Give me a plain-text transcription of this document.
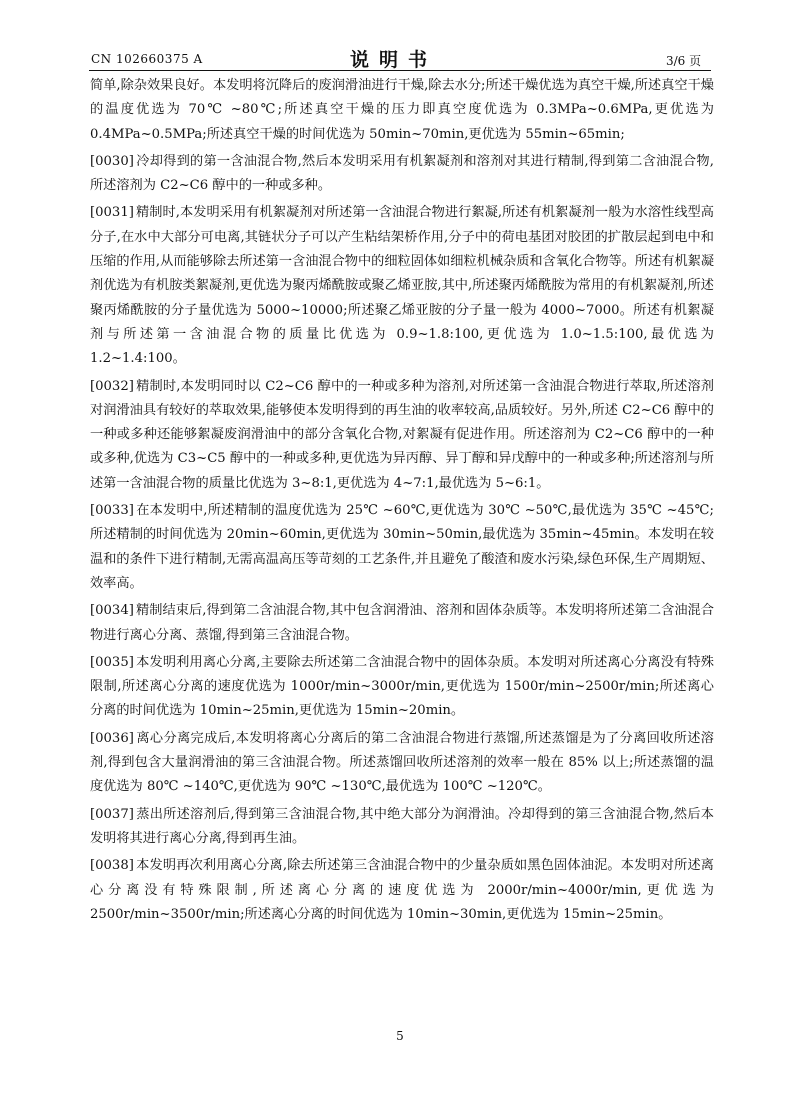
CN 102660375 A	说明书	3/6 页

简单,除杂效果良好。本发明将沉降后的废润滑油进行干燥,除去水分;所述干燥优选为真空干燥,所述真空干燥的温度优选为 70℃ ~80℃;所述真空干燥的压力即真空度优选为 0.3MPa~0.6MPa,更优选为 0.4MPa~0.5MPa;所述真空干燥的时间优选为 50min~70min,更优选为 55min~65min;

[0030] 冷却得到的第一含油混合物,然后本发明采用有机絮凝剂和溶剂对其进行精制,得到第二含油混合物,所述溶剂为 C2~C6 醇中的一种或多种。

[0031] 精制时,本发明采用有机絮凝剂对所述第一含油混合物进行絮凝,所述有机絮凝剂一般为水溶性线型高分子,在水中大部分可电离,其链状分子可以产生粘结架桥作用,分子中的荷电基团对胶团的扩散层起到电中和压缩的作用,从而能够除去所述第一含油混合物中的细粒固体如细粒机械杂质和含氧化合物等。所述有机絮凝剂优选为有机胺类絮凝剂,更优选为聚丙烯酰胺或聚乙烯亚胺,其中,所述聚丙烯酰胺为常用的有机絮凝剂,所述聚丙烯酰胺的分子量优选为 5000~10000;所述聚乙烯亚胺的分子量一般为 4000~7000。所述有机絮凝剂与所述第一含油混合物的质量比优选为 0.9~1.8:100,更优选为 1.0~1.5:100,最优选为 1.2~1.4:100。

[0032] 精制时,本发明同时以 C2~C6 醇中的一种或多种为溶剂,对所述第一含油混合物进行萃取,所述溶剂对润滑油具有较好的萃取效果,能够使本发明得到的再生油的收率较高,品质较好。另外,所述 C2~C6 醇中的一种或多种还能够絮凝废润滑油中的部分含氧化合物,对絮凝有促进作用。所述溶剂为 C2~C6 醇中的一种或多种,优选为 C3~C5 醇中的一种或多种,更优选为异丙醇、异丁醇和异戊醇中的一种或多种;所述溶剂与所述第一含油混合物的质量比优选为 3~8:1,更优选为 4~7:1,最优选为 5~6:1。

[0033] 在本发明中,所述精制的温度优选为 25℃ ~60℃,更优选为 30℃ ~50℃,最优选为 35℃ ~45℃;所述精制的时间优选为 20min~60min,更优选为 30min~50min,最优选为 35min~45min。本发明在较温和的条件下进行精制,无需高温高压等苛刻的工艺条件,并且避免了酸渣和废水污染,绿色环保,生产周期短、效率高。

[0034] 精制结束后,得到第二含油混合物,其中包含润滑油、溶剂和固体杂质等。本发明将所述第二含油混合物进行离心分离、蒸馏,得到第三含油混合物。

[0035] 本发明利用离心分离,主要除去所述第二含油混合物中的固体杂质。本发明对所述离心分离没有特殊限制,所述离心分离的速度优选为 1000r/min~3000r/min,更优选为 1500r/min~2500r/min;所述离心分离的时间优选为 10min~25min,更优选为 15min~20min。

[0036] 离心分离完成后,本发明将离心分离后的第二含油混合物进行蒸馏,所述蒸馏是为了分离回收所述溶剂,得到包含大量润滑油的第三含油混合物。所述蒸馏回收所述溶剂的效率一般在 85% 以上;所述蒸馏的温度优选为 80℃ ~140℃,更优选为 90℃ ~130℃,最优选为 100℃ ~120℃。

[0037] 蒸出所述溶剂后,得到第三含油混合物,其中绝大部分为润滑油。冷却得到的第三含油混合物,然后本发明将其进行离心分离,得到再生油。

[0038] 本发明再次利用离心分离,除去所述第三含油混合物中的少量杂质如黑色固体油泥。本发明对所述离心分离没有特殊限制,所述离心分离的速度优选为 2000r/min~4000r/min,更优选为 2500r/min~3500r/min;所述离心分离的时间优选为 10min~30min,更优选为 15min~25min。

5
